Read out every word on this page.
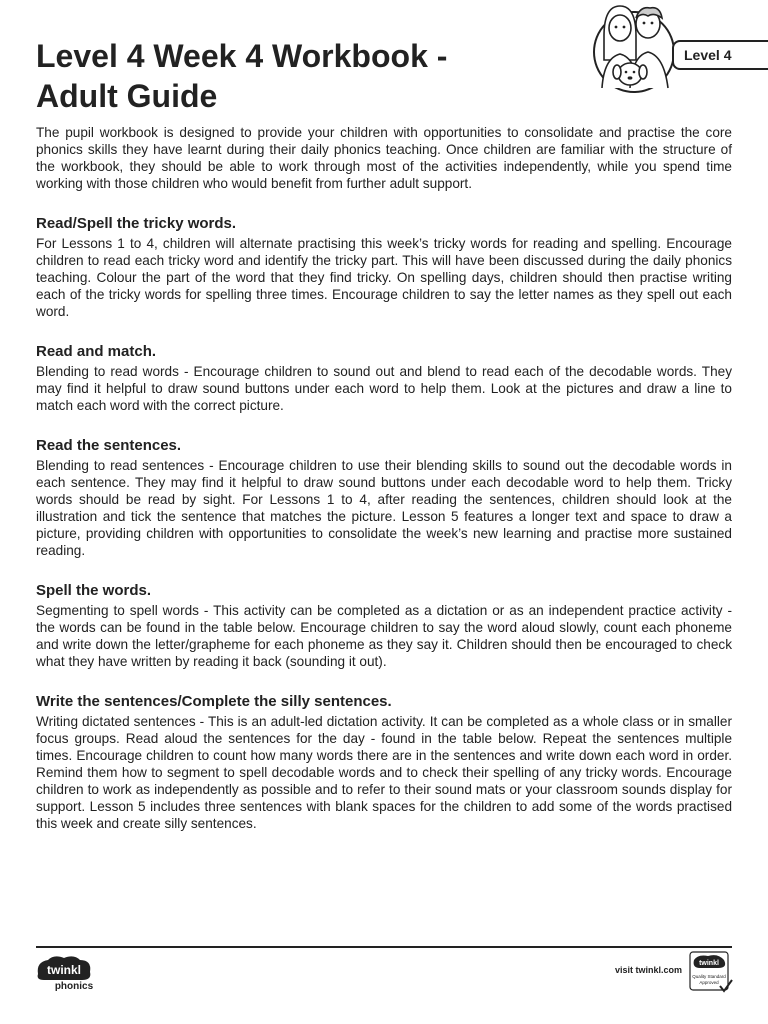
Level 4 Week 4 Workbook -
Adult Guide
Level 4

The pupil workbook is designed to provide your children with opportunities to consolidate and practise the core phonics skills they have learnt during their daily phonics teaching. Once children are familiar with the structure of the workbook, they should be able to work through most of the activities independently, while you spend time working with those children who would benefit from further adult support.

Read/Spell the tricky words.

For Lessons 1 to 4, children will alternate practising this week’s tricky words for reading and spelling. Encourage children to read each tricky word and identify the tricky part. This will have been discussed during the daily phonics teaching. Colour the part of the word that they find tricky. On spelling days, children should then practise writing each of the tricky words for spelling three times. Encourage children to say the letter names as they spell out each word.

Read and match.

Blending to read words - Encourage children to sound out and blend to read each of the decodable words. They may find it helpful to draw sound buttons under each word to help them. Look at the pictures and draw a line to match each word with the correct picture.

Read the sentences.

Blending to read sentences - Encourage children to use their blending skills to sound out the decodable words in each sentence. They may find it helpful to draw sound buttons under each decodable word to help them. Tricky words should be read by sight. For Lessons 1 to 4, after reading the sentences, children should look at the illustration and tick the sentence that matches the picture. Lesson 5 features a longer text and space to draw a picture, providing children with opportunities to consolidate the week’s new learning and practise more sustained reading.

Spell the words.

Segmenting to spell words - This activity can be completed as a dictation or as an independent practice activity - the words can be found in the table below. Encourage children to say the word aloud slowly, count each phoneme and write down the letter/grapheme for each phoneme as they say it. Children should then be encouraged to check what they have written by reading it back (sounding it out).

Write the sentences/Complete the silly sentences.

Writing dictated sentences - This is an adult-led dictation activity. It can be completed as a whole class or in smaller focus groups. Read aloud the sentences for the day - found in the table below. Repeat the sentences multiple times. Encourage children to count how many words there are in the sentences and write down each word in order. Remind them how to segment to spell decodable words and to check their spelling of any tricky words. Encourage children to work as independently as possible and to refer to their sound mats or your classroom sounds display for support. Lesson 5 includes three sentences with blank spaces for the children to add some of the words practised this week and create silly sentences.

twinkl
phonics
visit twinkl.com
twinkl
Quality Standard
Approved
